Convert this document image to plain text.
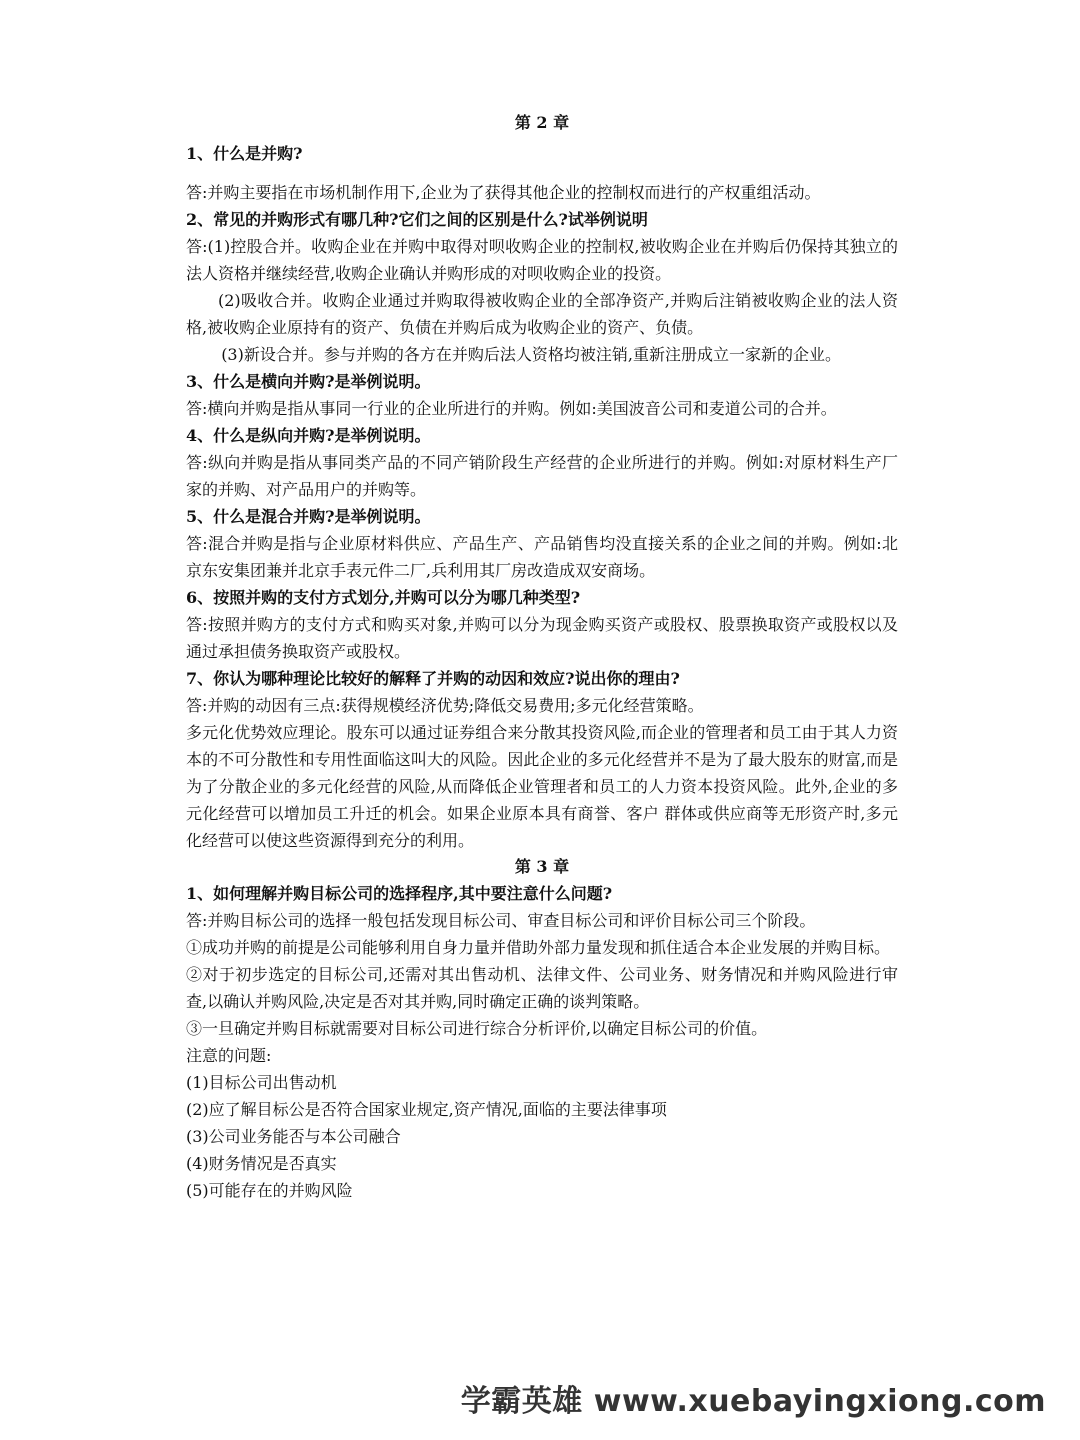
第 2 章
1、什么是并购?
答:并购主要指在市场机制作用下,企业为了获得其他企业的控制权而进行的产权重组活动。
2、常见的并购形式有哪几种?它们之间的区别是什么?试举例说明
答:(1)控股合并。收购企业在并购中取得对呗收购企业的控制权,被收购企业在并购后仍保持其独立的法人资格并继续经营,收购企业确认并购形成的对呗收购企业的投资。
(2)吸收合并。收购企业通过并购取得被收购企业的全部净资产,并购后注销被收购企业的法人资格,被收购企业原持有的资产、负债在并购后成为收购企业的资产、负债。
(3)新设合并。参与并购的各方在并购后法人资格均被注销,重新注册成立一家新的企业。
3、什么是横向并购?是举例说明。
答:横向并购是指从事同一行业的企业所进行的并购。例如:美国波音公司和麦道公司的合并。
4、什么是纵向并购?是举例说明。
答:纵向并购是指从事同类产品的不同产销阶段生产经营的企业所进行的并购。例如:对原材料生产厂家的并购、对产品用户的并购等。
5、什么是混合并购?是举例说明。
答:混合并购是指与企业原材料供应、产品生产、产品销售均没直接关系的企业之间的并购。例如:北京东安集团兼并北京手表元件二厂,兵利用其厂房改造成双安商场。
6、按照并购的支付方式划分,并购可以分为哪几种类型?
答:按照并购方的支付方式和购买对象,并购可以分为现金购买资产或股权、股票换取资产或股权以及通过承担债务换取资产或股权。
7、你认为哪种理论比较好的解释了并购的动因和效应?说出你的理由?
答:并购的动因有三点:获得规模经济优势;降低交易费用;多元化经营策略。
多元化优势效应理论。股东可以通过证券组合来分散其投资风险,而企业的管理者和员工由于其人力资本的不可分散性和专用性面临这叫大的风险。因此企业的多元化经营并不是为了最大股东的财富,而是为了分散企业的多元化经营的风险,从而降低企业管理者和员工的人力资本投资风险。此外,企业的多元化经营可以增加员工升迁的机会。如果企业原本具有商誉、客户 群体或供应商等无形资产时,多元化经营可以使这些资源得到充分的利用。
第 3 章
1、如何理解并购目标公司的选择程序,其中要注意什么问题?
答:并购目标公司的选择一般包括发现目标公司、审查目标公司和评价目标公司三个阶段。
①成功并购的前提是公司能够利用自身力量并借助外部力量发现和抓住适合本企业发展的并购目标。
②对于初步选定的目标公司,还需对其出售动机、法律文件、公司业务、财务情况和并购风险进行审查,以确认并购风险,决定是否对其并购,同时确定正确的谈判策略。
③一旦确定并购目标就需要对目标公司进行综合分析评价,以确定目标公司的价值。
注意的问题:
(1)目标公司出售动机
(2)应了解目标公是否符合国家业规定,资产情况,面临的主要法律事项
(3)公司业务能否与本公司融合
(4)财务情况是否真实
(5)可能存在的并购风险
学霸英雄 www.xuebayingxiong.com
